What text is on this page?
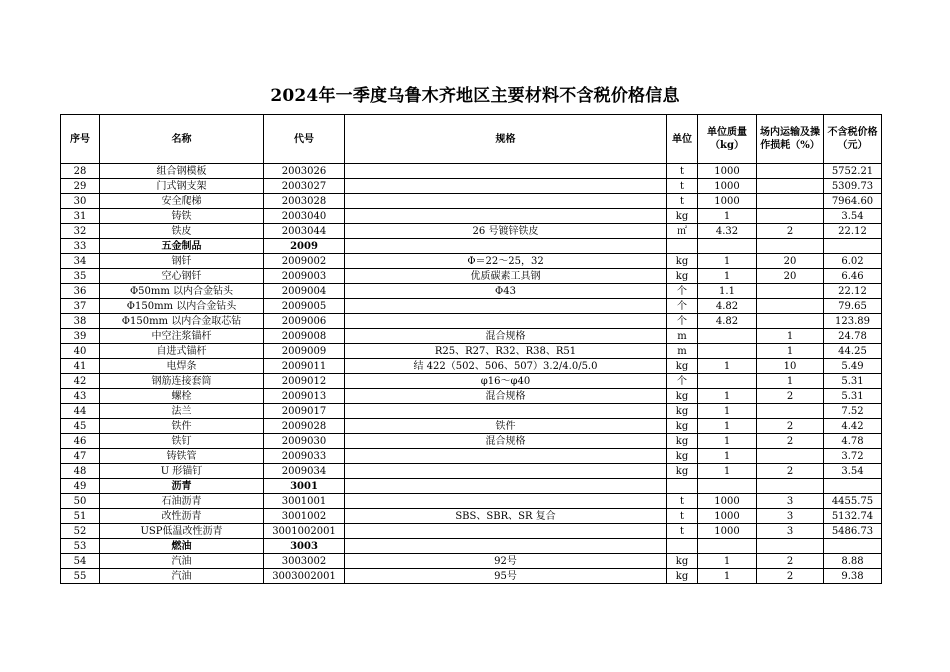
2024年一季度乌鲁木齐地区主要材料不含税价格信息
序号	名称	代号	规格	单位	单位质量（kg）	场内运输及操作损耗（%）	不含税价格（元）
28	组合钢模板	2003026		t	1000		5752.21
29	门式钢支架	2003027		t	1000		5309.73
30	安全爬梯	2003028		t	1000		7964.60
31	铸铁	2003040		kg	1		3.54
32	铁皮	2003044	26 号镀锌铁皮	㎡	4.32	2	22.12
33	五金制品	2009					
34	钢钎	2009002	Φ＝22～25，32	kg	1	20	6.02
35	空心钢钎	2009003	优质碳素工具钢	kg	1	20	6.46
36	Φ50mm 以内合金钻头	2009004	Φ43	个	1.1		22.12
37	Φ150mm 以内合金钻头	2009005		个	4.82		79.65
38	Φ150mm 以内合金取芯钻	2009006		个	4.82		123.89
39	中空注浆锚杆	2009008	混合规格	m		1	24.78
40	自进式锚杆	2009009	R25、R27、R32、R38、R51	m		1	44.25
41	电焊条	2009011	结 422（502、506、507）3.2/4.0/5.0	kg	1	10	5.49
42	钢筋连接套筒	2009012	φ16～φ40	个		1	5.31
43	螺栓	2009013	混合规格	kg	1	2	5.31
44	法兰	2009017		kg	1		7.52
45	铁件	2009028	铁件	kg	1	2	4.42
46	铁钉	2009030	混合规格	kg	1	2	4.78
47	铸铁管	2009033		kg	1		3.72
48	U 形锚钉	2009034		kg	1	2	3.54
49	沥青	3001					
50	石油沥青	3001001		t	1000	3	4455.75
51	改性沥青	3001002	SBS、SBR、SR 复合	t	1000	3	5132.74
52	USP低温改性沥青	3001002001		t	1000	3	5486.73
53	燃油	3003					
54	汽油	3003002	92号	kg	1	2	8.88
55	汽油	3003002001	95号	kg	1	2	9.38
